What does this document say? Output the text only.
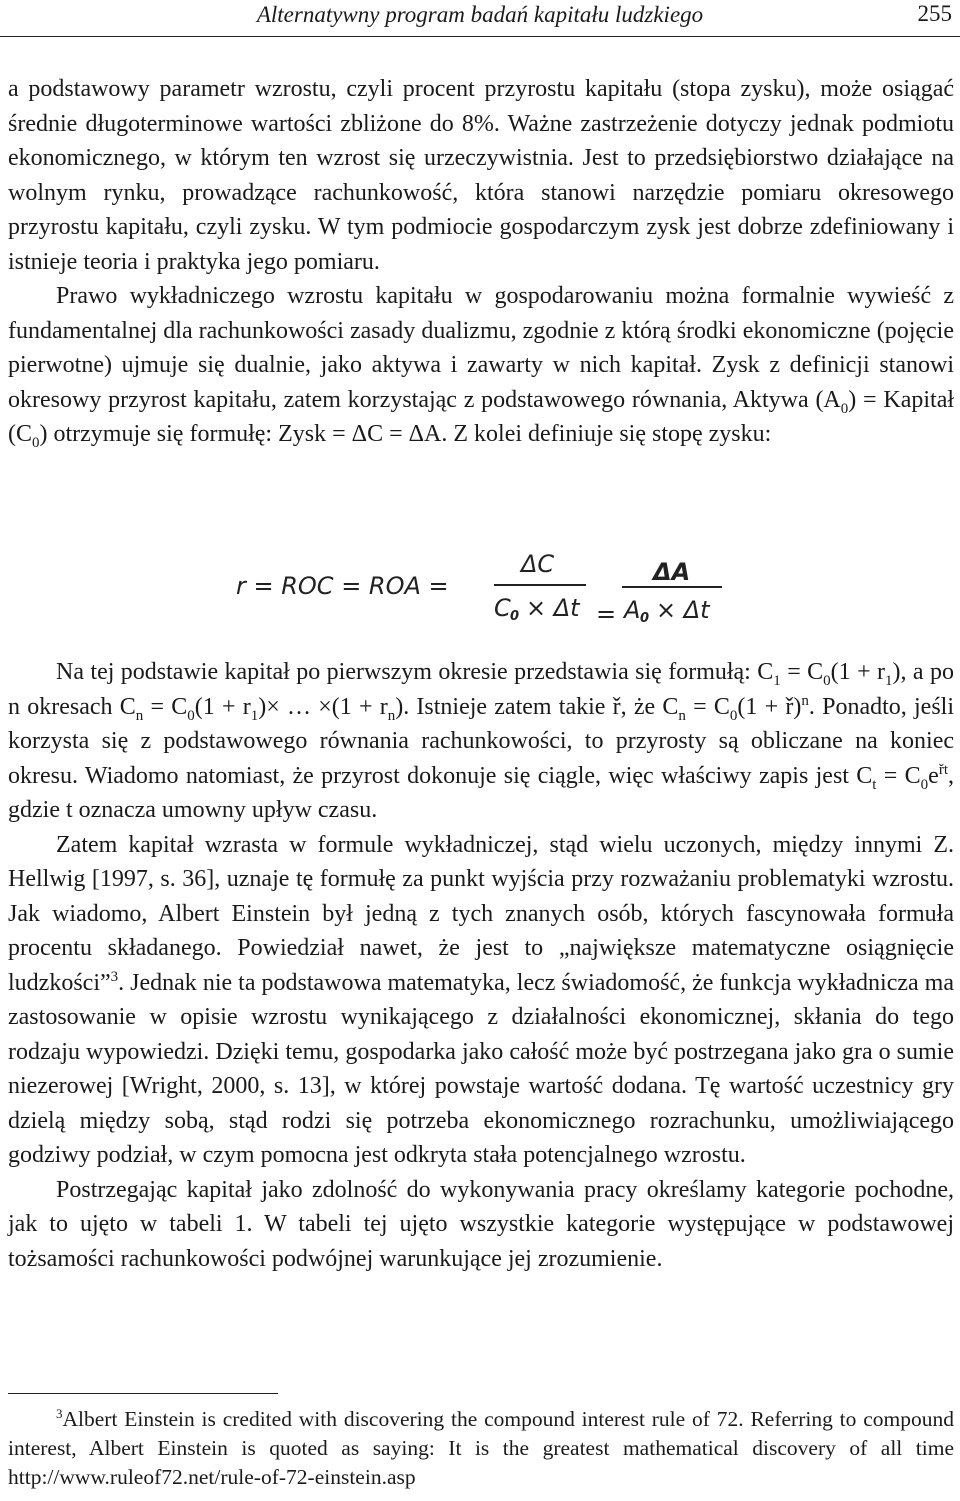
Alternatywny program badań kapitału ludzkiego	255

a podstawowy parametr wzrostu, czyli procent przyrostu kapitału (stopa zysku), może osiągać średnie długoterminowe wartości zbliżone do 8%. Ważne zastrzeżenie dotyczy jednak podmiotu ekonomicznego, w którym ten wzrost się urzeczywistnia. Jest to przedsiębiorstwo działające na wolnym rynku, prowadzące rachunkowość, która stanowi narzędzie pomiaru okresowego przyrostu kapitału, czyli zysku. W tym podmiocie gospodarczym zysk jest dobrze zdefiniowany i istnieje teoria i praktyka jego pomiaru.

Prawo wykładniczego wzrostu kapitału w gospodarowaniu można formalnie wywieść z fundamentalnej dla rachunkowości zasady dualizmu, zgodnie z którą środki ekonomiczne (pojęcie pierwotne) ujmuje się dualnie, jako aktywa i zawarty w nich kapitał. Zysk z definicji stanowi okresowy przyrost kapitału, zatem korzystając z podstawowego równania, Aktywa $(A_0)$ = Kapitał $(C_0)$ otrzymuje się formułę: Zysk = ΔC = ΔA. Z kolei definiuje się stopę zysku:

r = ROC = ROA =
ΔC
C 0 × Δt =
ΔA
A 0 × Δt

Na tej podstawie kapitał po pierwszym okresie przedstawia się formułą: $C_1 = C_0(1 + r_1)$, a po n okresach $C_n = C_0(1 + r_1)\times$ … $\times(1 + r_n)$. Istnieje zatem takie ř, że $C_n = C_0(1$ + ř)$^n$. Ponadto, jeśli korzysta się z podstawowego równania rachunkowości, to przyrosty są obliczane na koniec okresu. Wiadomo natomiast, że przyrost dokonuje się ciągle, więc właściwy zapis jest $C_t = C_0e^{řt}$, gdzie t oznacza umowny upływ czasu.

Zatem kapitał wzrasta w formule wykładniczej, stąd wielu uczonych, między innymi Z. Hellwig [1997, s. 36], uznaje tę formułę za punkt wyjścia przy rozważaniu problematyki wzrostu. Jak wiadomo, Albert Einstein był jedną z tych znanych osób, których fascynowała formuła procentu składanego. Powiedział nawet, że jest to „największe matematyczne osiągnięcie ludzkości”$^3$. Jednak nie ta podstawowa matematyka, lecz świadomość, że funkcja wykładnicza ma zastosowanie w opisie wzrostu wynikającego z działalności ekonomicznej, skłania do tego rodzaju wypowiedzi. Dzięki temu, gospodarka jako całość może być postrzegana jako gra o sumie niezerowej [Wright, 2000, s. 13], w której powstaje wartość dodana. Tę wartość uczestnicy gry dzielą między sobą, stąd rodzi się potrzeba ekonomicznego rozrachunku, umożliwiającego godziwy podział, w czym pomocna jest odkryta stała potencjalnego wzrostu.

Postrzegając kapitał jako zdolność do wykonywania pracy określamy kategorie pochodne, jak to ujęto w tabeli 1. W tabeli tej ujęto wszystkie kategorie występujące w podstawowej tożsamości rachunkowości podwójnej warunkujące jej zrozumienie.

$^3$Albert Einstein is credited with discovering the compound interest rule of 72. Referring to compound interest, Albert Einstein is quoted as saying: It is the greatest mathematical discovery of all time http://www.ruleof72.net/rule-of-72-einstein.asp
